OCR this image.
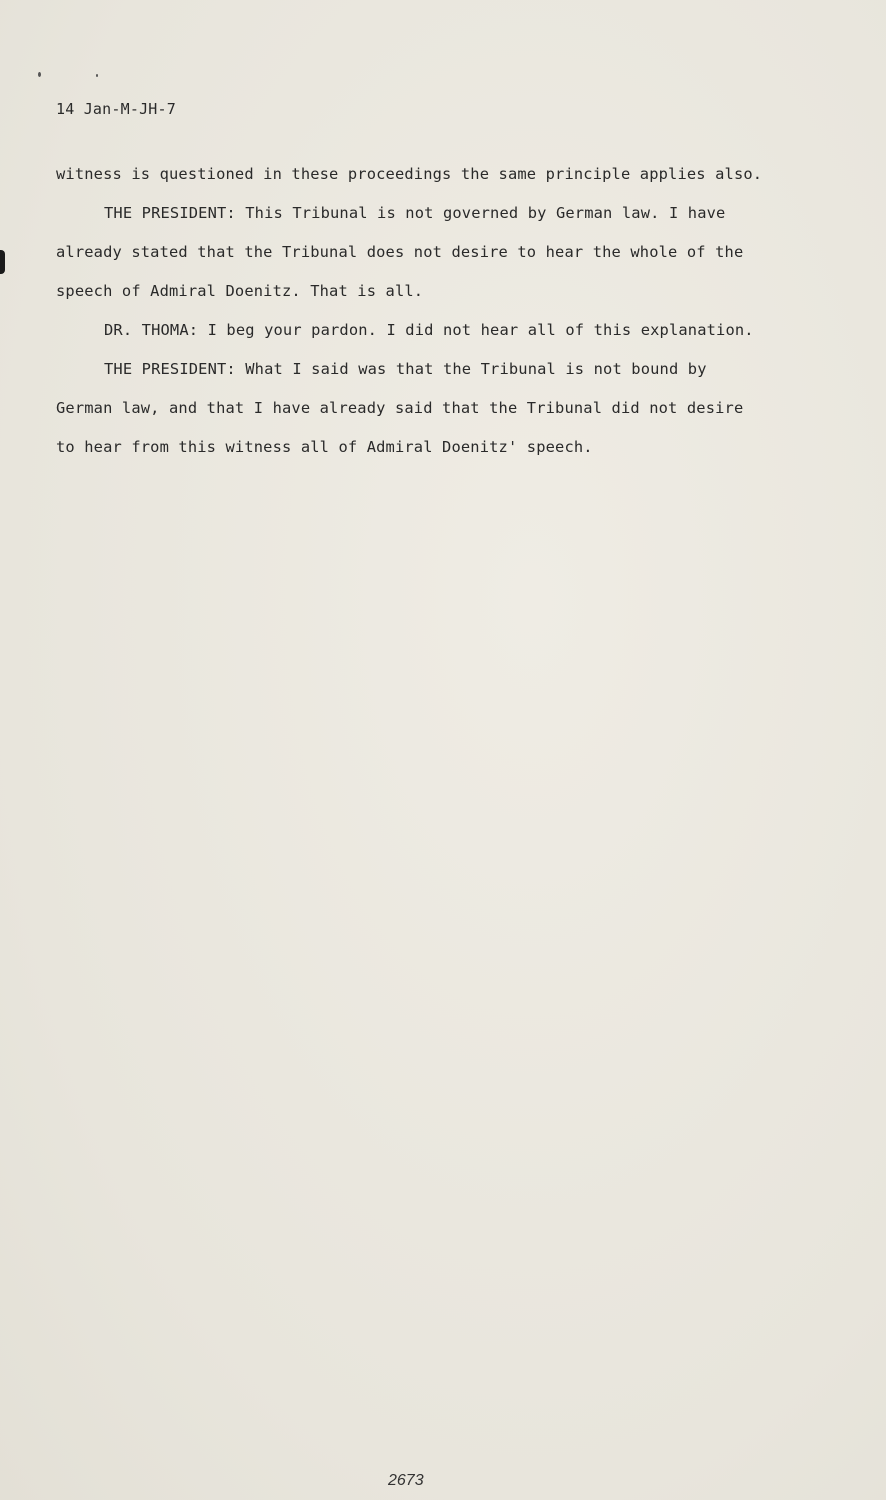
14 Jan-M-JH-7
witness is questioned in these proceedings the same principle applies also.
THE PRESIDENT: This Tribunal is not governed by German law. I have
already stated that the Tribunal does not desire to hear the whole of the
speech of Admiral Doenitz. That is all.
DR. THOMA: I beg your pardon. I did not hear all of this explanation.
THE PRESIDENT: What I said was that the Tribunal is not bound by
German law, and that I have already said that the Tribunal did not desire
to hear from this witness all of Admiral Doenitz' speech.
2673
